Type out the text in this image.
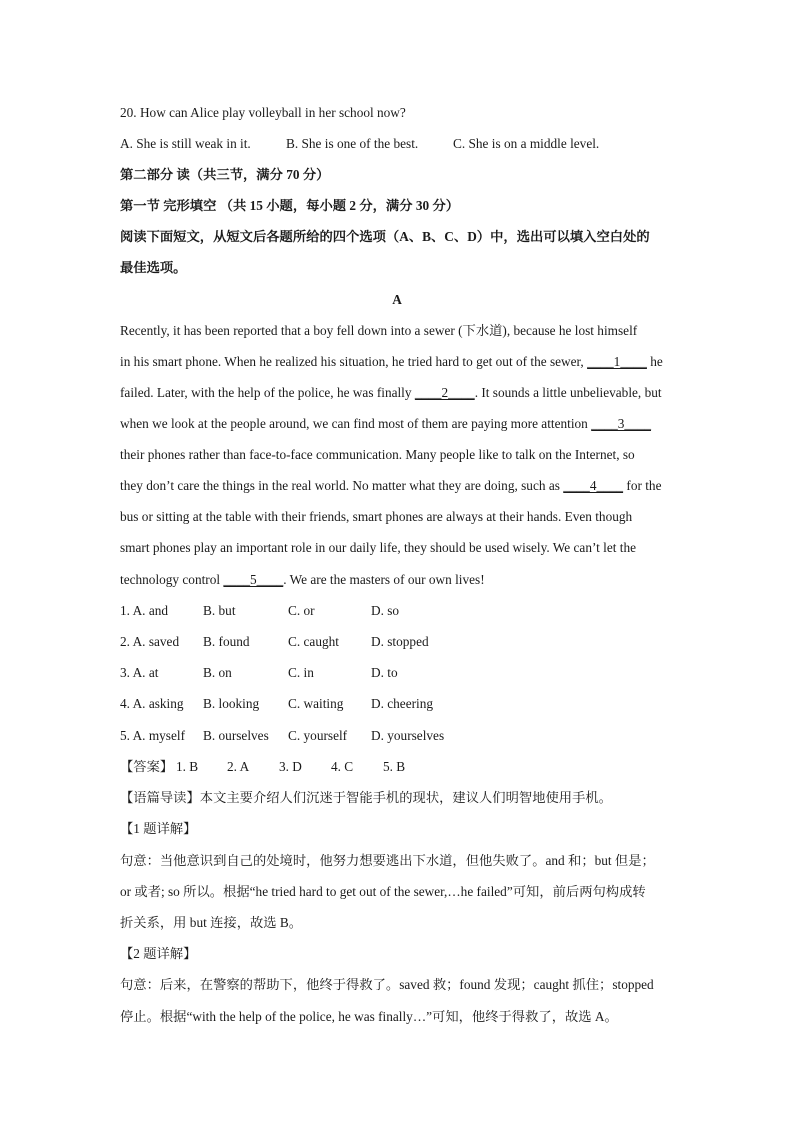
20. How can Alice play volleyball in her school now?
A. She is still weak in it.	B. She is one of the best.	C. She is on a middle level.
第二部分 读（共三节，满分 70 分）
第一节 完形填空 （共 15 小题，每小题 2 分，满分 30 分）
阅读下面短文，从短文后各题所给的四个选项（A、B、C、D）中，选出可以填入空白处的
最佳选项。
A
Recently, it has been reported that a boy fell down into a sewer (下水道), because he lost himself
in his smart phone. When he realized his situation, he tried hard to get out of the sewer, ____1____ he
failed. Later, with the help of the police, he was finally ____2____. It sounds a little unbelievable, but
when we look at the people around, we can find most of them are paying more attention ____3____
their phones rather than face-to-face communication. Many people like to talk on the Internet, so
they don’t care the things in the real world. No matter what they are doing, such as ____4____ for the
bus or sitting at the table with their friends, smart phones are always at their hands. Even though
smart phones play an important role in our daily life, they should be used wisely. We can’t let the
technology control ____5____. We are the masters of our own lives!
1. A. and	B. but	C. or	D. so
2. A. saved B. found	C. caught D. stopped
3. A. at	B. on	C. in	D. to
4. A. asking B. looking C. waiting D. cheering
5. A. myself B. ourselves C. yourself D. yourselves
【答案】 1. B 2. A 3. D 4. C 5. B
【语篇导读】本文主要介绍人们沉迷于智能手机的现状，建议人们明智地使用手机。
【1 题详解】
句意：当他意识到自己的处境时，他努力想要逃出下水道，但他失败了。and 和；but 但是；
or 或者; so 所以。根据“he tried hard to get out of the sewer,…he failed”可知，前后两句构成转
折关系，用 but 连接，故选 B。
【2 题详解】
句意：后来，在警察的帮助下，他终于得救了。saved 救；found 发现；caught 抓住；stopped
停止。根据“with the help of the police, he was finally…”可知，他终于得救了，故选 A。
